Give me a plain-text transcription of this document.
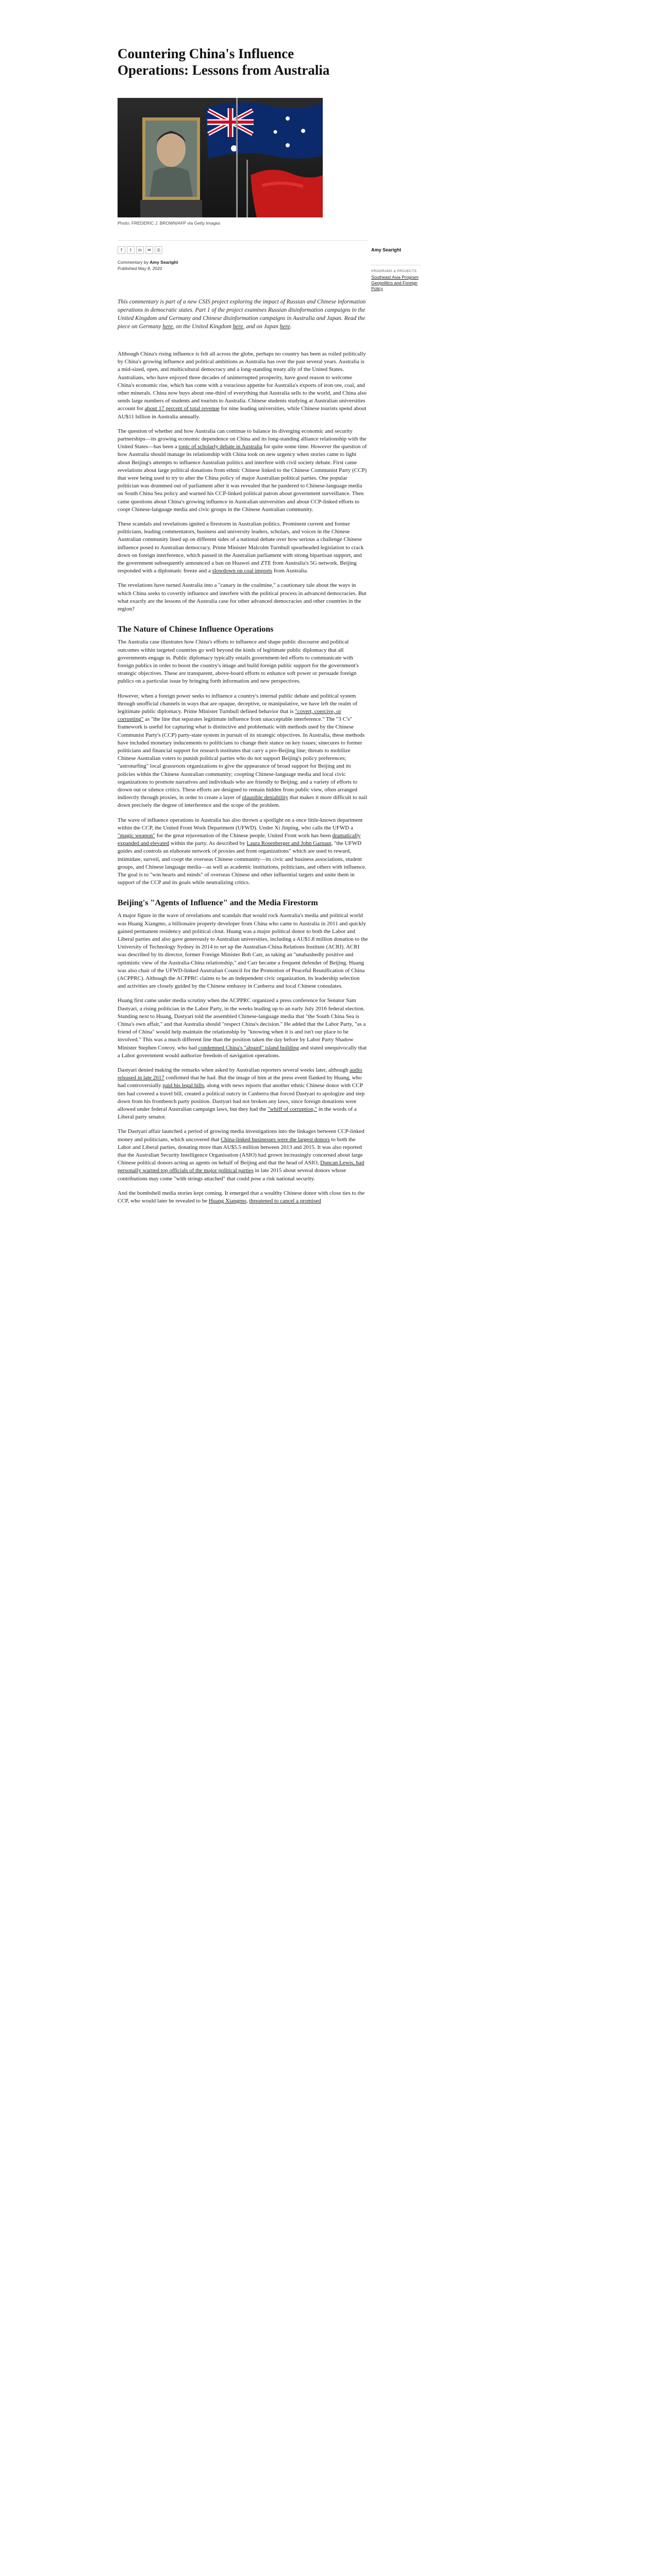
Countering China's Influence Operations: Lessons from Australia
Photo: FREDERIC J. BROWN/AFP via Getty Images
f	t	in	✉	⎙
Commentary by Amy Searight
Published May 8, 2020
Amy Searight
PROGRAMS & PROJECTS
Southeast Asia Program
Geopolitics and Foreign Policy

This commentary is part of a new CSIS project exploring the impact of Russian and Chinese information operations in democratic states. Part 1 of the project examines Russian disinformation campaigns in the United Kingdom and Germany and Chinese disinformation campaigns in Australia and Japan. Read the piece on Germany here, on the United Kingdom here, and on Japan here.

Although China's rising influence is felt all across the globe, perhaps no country has been as roiled politically by China's growing influence and political ambitions as Australia has over the past several years. Australia is a mid-sized, open, and multicultural democracy and a long-standing treaty ally of the United States. Australians, who have enjoyed three decades of uninterrupted prosperity, have good reason to welcome China's economic rise, which has come with a voracious appetite for Australia's exports of iron ore, coal, and other minerals. China now buys about one-third of everything that Australia sells to the world, and China also sends large numbers of students and tourists to Australia. Chinese students studying at Australian universities account for about 17 percent of total revenue for nine leading universities, while Chinese tourists spend about AU$11 billion in Australia annually.

The question of whether and how Australia can continue to balance its diverging economic and security partnerships—its growing economic dependence on China and its long-standing alliance relationship with the United States—has been a topic of scholarly debate in Australia for quite some time. However the question of how Australia should manage its relationship with China took on new urgency when stories came to light about Beijing's attempts to influence Australian politics and interfere with civil society debate. First came revelations about large political donations from ethnic Chinese linked to the Chinese Communist Party (CCP) that were being used to try to alter the China policy of major Australian political parties. One popular politician was drummed out of parliament after it was revealed that he pandered to Chinese-language media on South China Sea policy and warned his CCP-linked political patron about government surveillance. Then came questions about China's growing influence in Australian universities and about CCP-linked efforts to coopt Chinese-language media and civic groups in the Chinese Australian community.

These scandals and revelations ignited a firestorm in Australian politics. Prominent current and former politicians, leading commentators, business and university leaders, scholars, and voices in the Chinese Australian community lined up on different sides of a national debate over how serious a challenge Chinese influence posed to Australian democracy. Prime Minister Malcolm Turnbull spearheaded legislation to crack down on foreign interference, which passed in the Australian parliament with strong bipartisan support, and the government subsequently announced a ban on Huawei and ZTE from Australia's 5G network. Beijing responded with a diplomatic freeze and a slowdown on coal imports from Australia.

The revelations have turned Australia into a "canary in the coalmine," a cautionary tale about the ways in which China seeks to covertly influence and interfere with the political process in advanced democracies. But what exactly are the lessons of the Australia case for other advanced democracies and other countries in the region?

The Nature of Chinese Influence Operations

The Australia case illustrates how China's efforts to influence and shape public discourse and political outcomes within targeted countries go well beyond the kinds of legitimate public diplomacy that all governments engage in. Public diplomacy typically entails government-led efforts to communicate with foreign publics in order to boost the country's image and build foreign public support for the government's strategic objectives. These are transparent, above-board efforts to enhance soft power or persuade foreign publics on a particular issue by bringing forth information and new perspectives.

However, when a foreign power seeks to influence a country's internal public debate and political system through unofficial channels in ways that are opaque, deceptive, or manipulative, we have left the realm of legitimate public diplomacy. Prime Minister Turnbull defined behavior that is "covert, coercive, or corrupting" as "the line that separates legitimate influence from unacceptable interference." The "3 C's" framework is useful for capturing what is distinctive and problematic with methods used by the Chinese Communist Party's (CCP) party-state system in pursuit of its strategic objectives. In Australia, these methods have included monetary inducements to politicians to change their stance on key issues; sinecures to former politicians and financial support for research institutes that carry a pro-Beijing line; threats to mobilize Chinese Australian voters to punish political parties who do not support Beijing's policy preferences; "astroturfing" local grassroots organizations to give the appearance of broad support for Beijing and its policies within the Chinese Australian community; coopting Chinese-language media and local civic organizations to promote narratives and individuals who are friendly to Beijing; and a variety of efforts to drown out or silence critics. These efforts are designed to remain hidden from public view, often arranged indirectly through proxies, in order to create a layer of plausible deniability that makes it more difficult to nail down precisely the degree of interference and the scope of the problem.

The wave of influence operations in Australia has also thrown a spotlight on a once little-known department within the CCP, the United Front Work Department (UFWD). Under Xi Jinping, who calls the UFWD a "magic weapon" for the great rejuvenation of the Chinese people, United Front work has been dramatically expanded and elevated within the party. As described by Laura Rosenberger and John Garnaut, "the UFWD guides and controls an elaborate network of proxies and front organizations" which are used to reward, intimidate, surveil, and coopt the overseas Chinese community—its civic and business associations, student groups, and Chinese language media—as well as academic institutions, politicians, and others with influence. The goal is to "win hearts and minds" of overseas Chinese and other influential targets and unite them in support of the CCP and its goals while neutralizing critics.

Beijing's "Agents of Influence" and the Media Firestorm

A major figure in the wave of revelations and scandals that would rock Australia's media and political world was Huang Xiangmo, a billionaire property developer from China who came to Australia in 2011 and quickly gained permanent residency and political clout. Huang was a major political donor to both the Labor and Liberal parties and also gave generously to Australian universities, including a AU$1.8 million donation to the University of Technology Sydney in 2014 to set up the Australian-China Relations Institute (ACRI). ACRI was described by its director, former Foreign Minister Bob Carr, as taking an "unabashedly positive and optimistic view of the Australia-China relationship," and Carr became a frequent defender of Beijing. Huang was also chair of the UFWD-linked Australian Council for the Promotion of Peaceful Reunification of China (ACPPRC). Although the ACPPRC claims to be an independent civic organization, its leadership selection and activities are closely guided by the Chinese embassy in Canberra and local Chinese consulates.

Huang first came under media scrutiny when the ACPPRC organized a press conference for Senator Sam Dastyari, a rising politician in the Labor Party, in the weeks leading up to an early July 2016 federal election. Standing next to Huang, Dastyari told the assembled Chinese-language media that "the South China Sea is China's own affair," and that Australia should "respect China's decision." He added that the Labor Party, "as a friend of China" would help maintain the relationship by "knowing when it is and isn't our place to be involved." This was a much different line than the position taken the day before by Labor Party Shadow Minister Stephen Conroy, who had condemned China's "absurd" island building and stated unequivocally that a Labor government would authorize freedom of navigation operations.

Dastyari denied making the remarks when asked by Australian reporters several weeks later, although audio released in late 2017 confirmed that he had. But the image of him at the press event flanked by Huang, who had controversially paid his legal bills, along with news reports that another ethnic Chinese donor with CCP ties had covered a travel bill, created a political outcry in Canberra that forced Dastyari to apologize and step down from his frontbench party position. Dastyari had not broken any laws, since foreign donations were allowed under federal Australian campaign laws, but they had the "whiff of corruption," in the words of a Liberal party senator.

The Dastyari affair launched a period of growing media investigations into the linkages between CCP-linked money and politicians, which uncovered that China-linked businesses were the largest donors to both the Labor and Liberal parties, donating more than AU$5.5 million between 2013 and 2015. It was also reported that the Australian Security Intelligence Organisation (ASIO) had grown increasingly concerned about large Chinese political donors acting as agents on behalf of Beijing and that the head of ASIO, Duncan Lewis, had personally warned top officials of the major political parties in late 2015 about several donors whose contributions may come "with strings attached" that could pose a risk national security.

And the bombshell media stories kept coming. It emerged that a wealthy Chinese donor with close ties to the CCP, who would later be revealed to be Huang Xiangmo, threatened to cancel a promised
